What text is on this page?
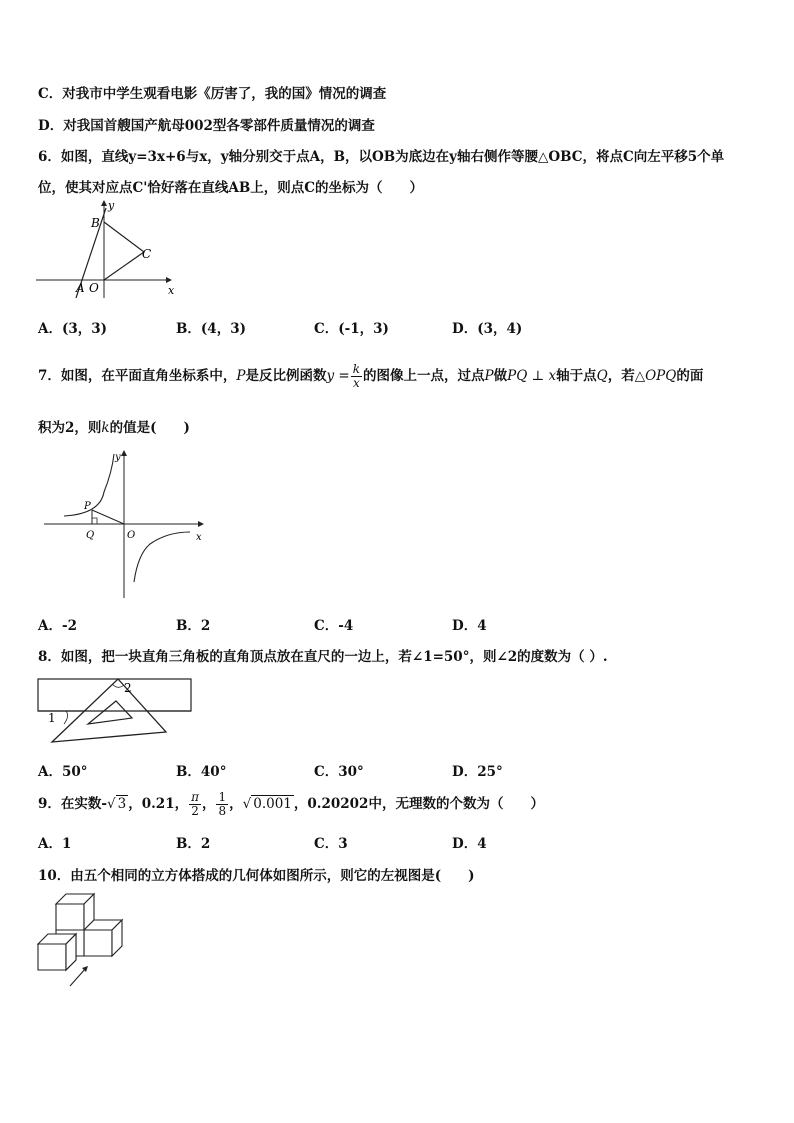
C．对我市中学生观看电影《厉害了，我的国》情况的调查
D．对我国首艘国产航母002型各零部件质量情况的调查
6．如图，直线y=3x+6与x，y轴分别交于点A，B，以OB为底边在y轴右侧作等腰△OBC，将点C向左平移5个单
位，使其对应点C'恰好落在直线AB上，则点C的坐标为（　　）
x
y
B
C
A O
A．(3，3)	B．(4，3)	C．(-1，3)	D．(3，4)
7．如图，在平面直角坐标系中，P是反比例函数$y = \frac{k}{x}$ 的图像上一点，过点P做PQ ⊥ x轴于点Q，若△OPQ的面
积为2，则k的值是(　　)
P
Q	O	x
y
A．-2	B．2	C．-4	D．4
8．如图，把一块直角三角板的直角顶点放在直尺的一边上，若∠1=50°，则∠2的度数为（ ）.
1
2
A．50°	B．40°	C．30°	D．25°
9．在实数-√ 3 ，0.21， $\frac{\pi}{2}$ ， $\frac{1}{8}$ ，√ 0.001 ，0.20202中，无理数的个数为（　　）
A．1	B．2	C．3	D．4
10．由五个相同的立方体搭成的几何体如图所示，则它的左视图是(　　)
